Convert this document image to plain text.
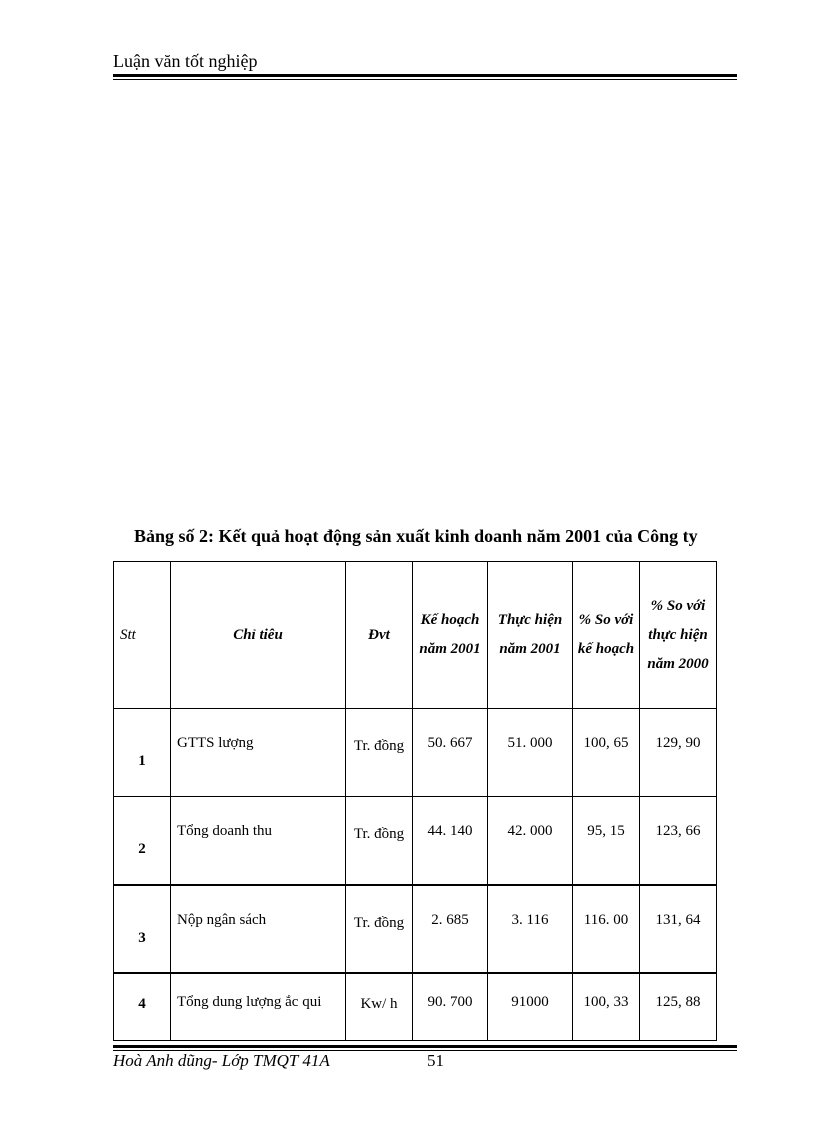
Luận văn tốt nghiệp
Bảng số 2: Kết quả hoạt động sản xuất kinh doanh năm 2001 của Công ty
Stt	Chỉ tiêu	Đvt	Kế hoạch năm 2001	Thực hiện năm 2001	% So với kế hoạch	% So với thực hiện năm 2000
1	GTTS lượng	Tr. đồng	50. 667	51. 000	100, 65	129, 90
2	Tổng doanh thu	Tr. đồng	44. 140	42. 000	95, 15	123, 66
3	Nộp ngân sách	Tr. đồng	2. 685	3. 116	116. 00	131, 64
4	Tổng dung lượng ắc qui	Kw/ h	90. 700	91000	100, 33	125, 88
Hoà Anh dũng- Lớp TMQT 41A	51
